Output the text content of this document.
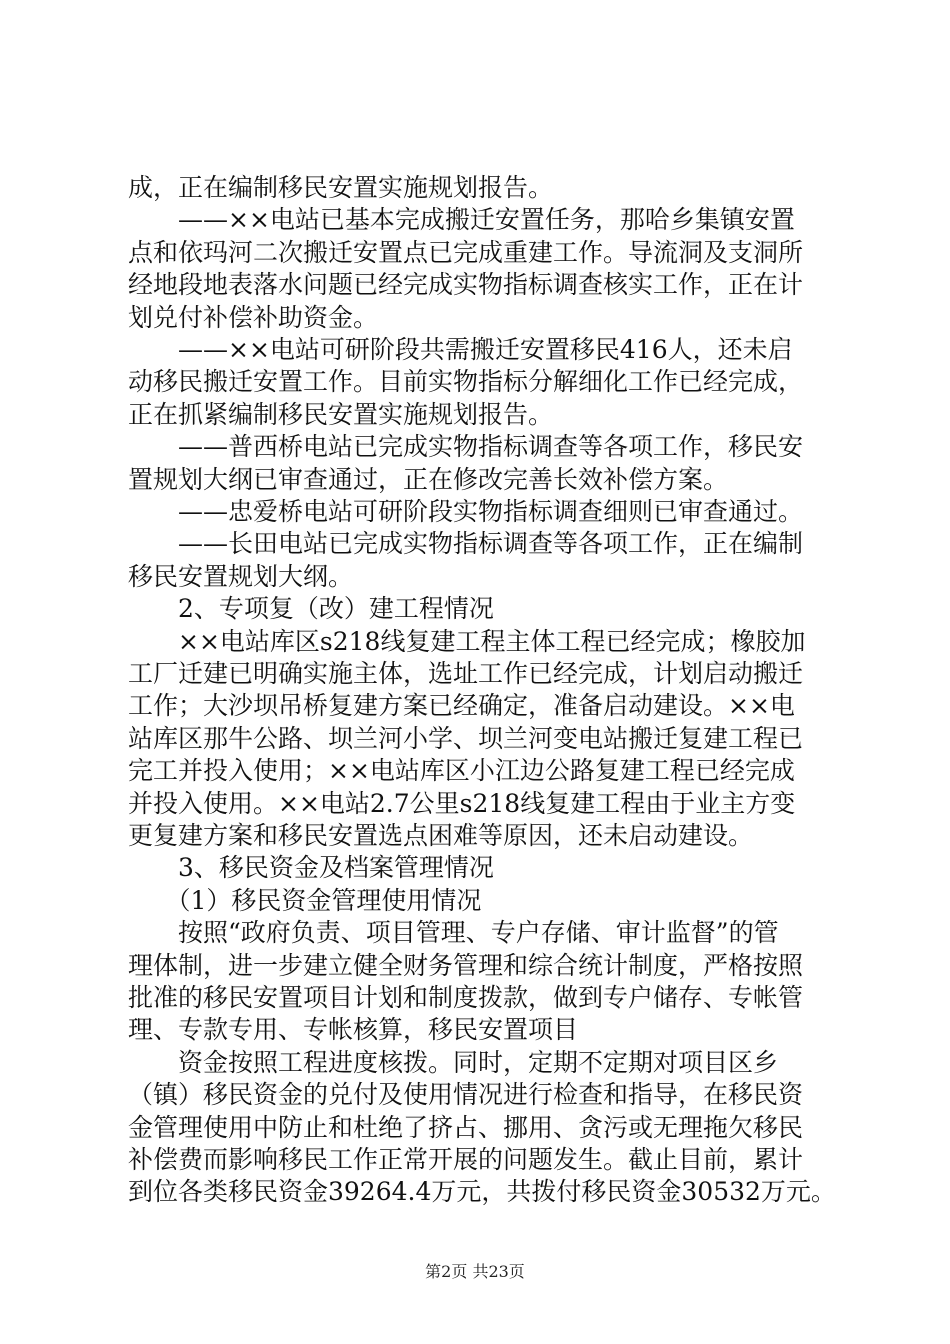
成，正在编制移民安置实施规划报告。

　　——××电站已基本完成搬迁安置任务，那哈乡集镇安置

点和依玛河二次搬迁安置点已完成重建工作。导流洞及支洞所

经地段地表落水问题已经完成实物指标调查核实工作，正在计

划兑付补偿补助资金。

　　——××电站可研阶段共需搬迁安置移民416人，还未启

动移民搬迁安置工作。目前实物指标分解细化工作已经完成，

正在抓紧编制移民安置实施规划报告。

　　——普西桥电站已完成实物指标调查等各项工作，移民安

置规划大纲已审查通过，正在修改完善长效补偿方案。

　　——忠爱桥电站可研阶段实物指标调查细则已审查通过。

　　——长田电站已完成实物指标调查等各项工作，正在编制

移民安置规划大纲。

　　2、专项复（改）建工程情况

　　××电站库区s218线复建工程主体工程已经完成；橡胶加

工厂迁建已明确实施主体，选址工作已经完成，计划启动搬迁

工作；大沙坝吊桥复建方案已经确定，准备启动建设。××电

站库区那牛公路、坝兰河小学、坝兰河变电站搬迁复建工程已

完工并投入使用；××电站库区小江边公路复建工程已经完成

并投入使用。××电站2.7公里s218线复建工程由于业主方变

更复建方案和移民安置选点困难等原因，还未启动建设。

　　3、移民资金及档案管理情况

　　（1）移民资金管理使用情况

　　按照“政府负责、项目管理、专户存储、审计监督”的管

理体制，进一步建立健全财务管理和综合统计制度，严格按照

批准的移民安置项目计划和制度拨款，做到专户储存、专帐管

理、专款专用、专帐核算，移民安置项目

　　资金按照工程进度核拨。同时，定期不定期对项目区乡

（镇）移民资金的兑付及使用情况进行检查和指导，在移民资

金管理使用中防止和杜绝了挤占、挪用、贪污或无理拖欠移民

补偿费而影响移民工作正常开展的问题发生。截止目前，累计

到位各类移民资金39264.4万元，共拨付移民资金30532万元。

第2页 共23页
